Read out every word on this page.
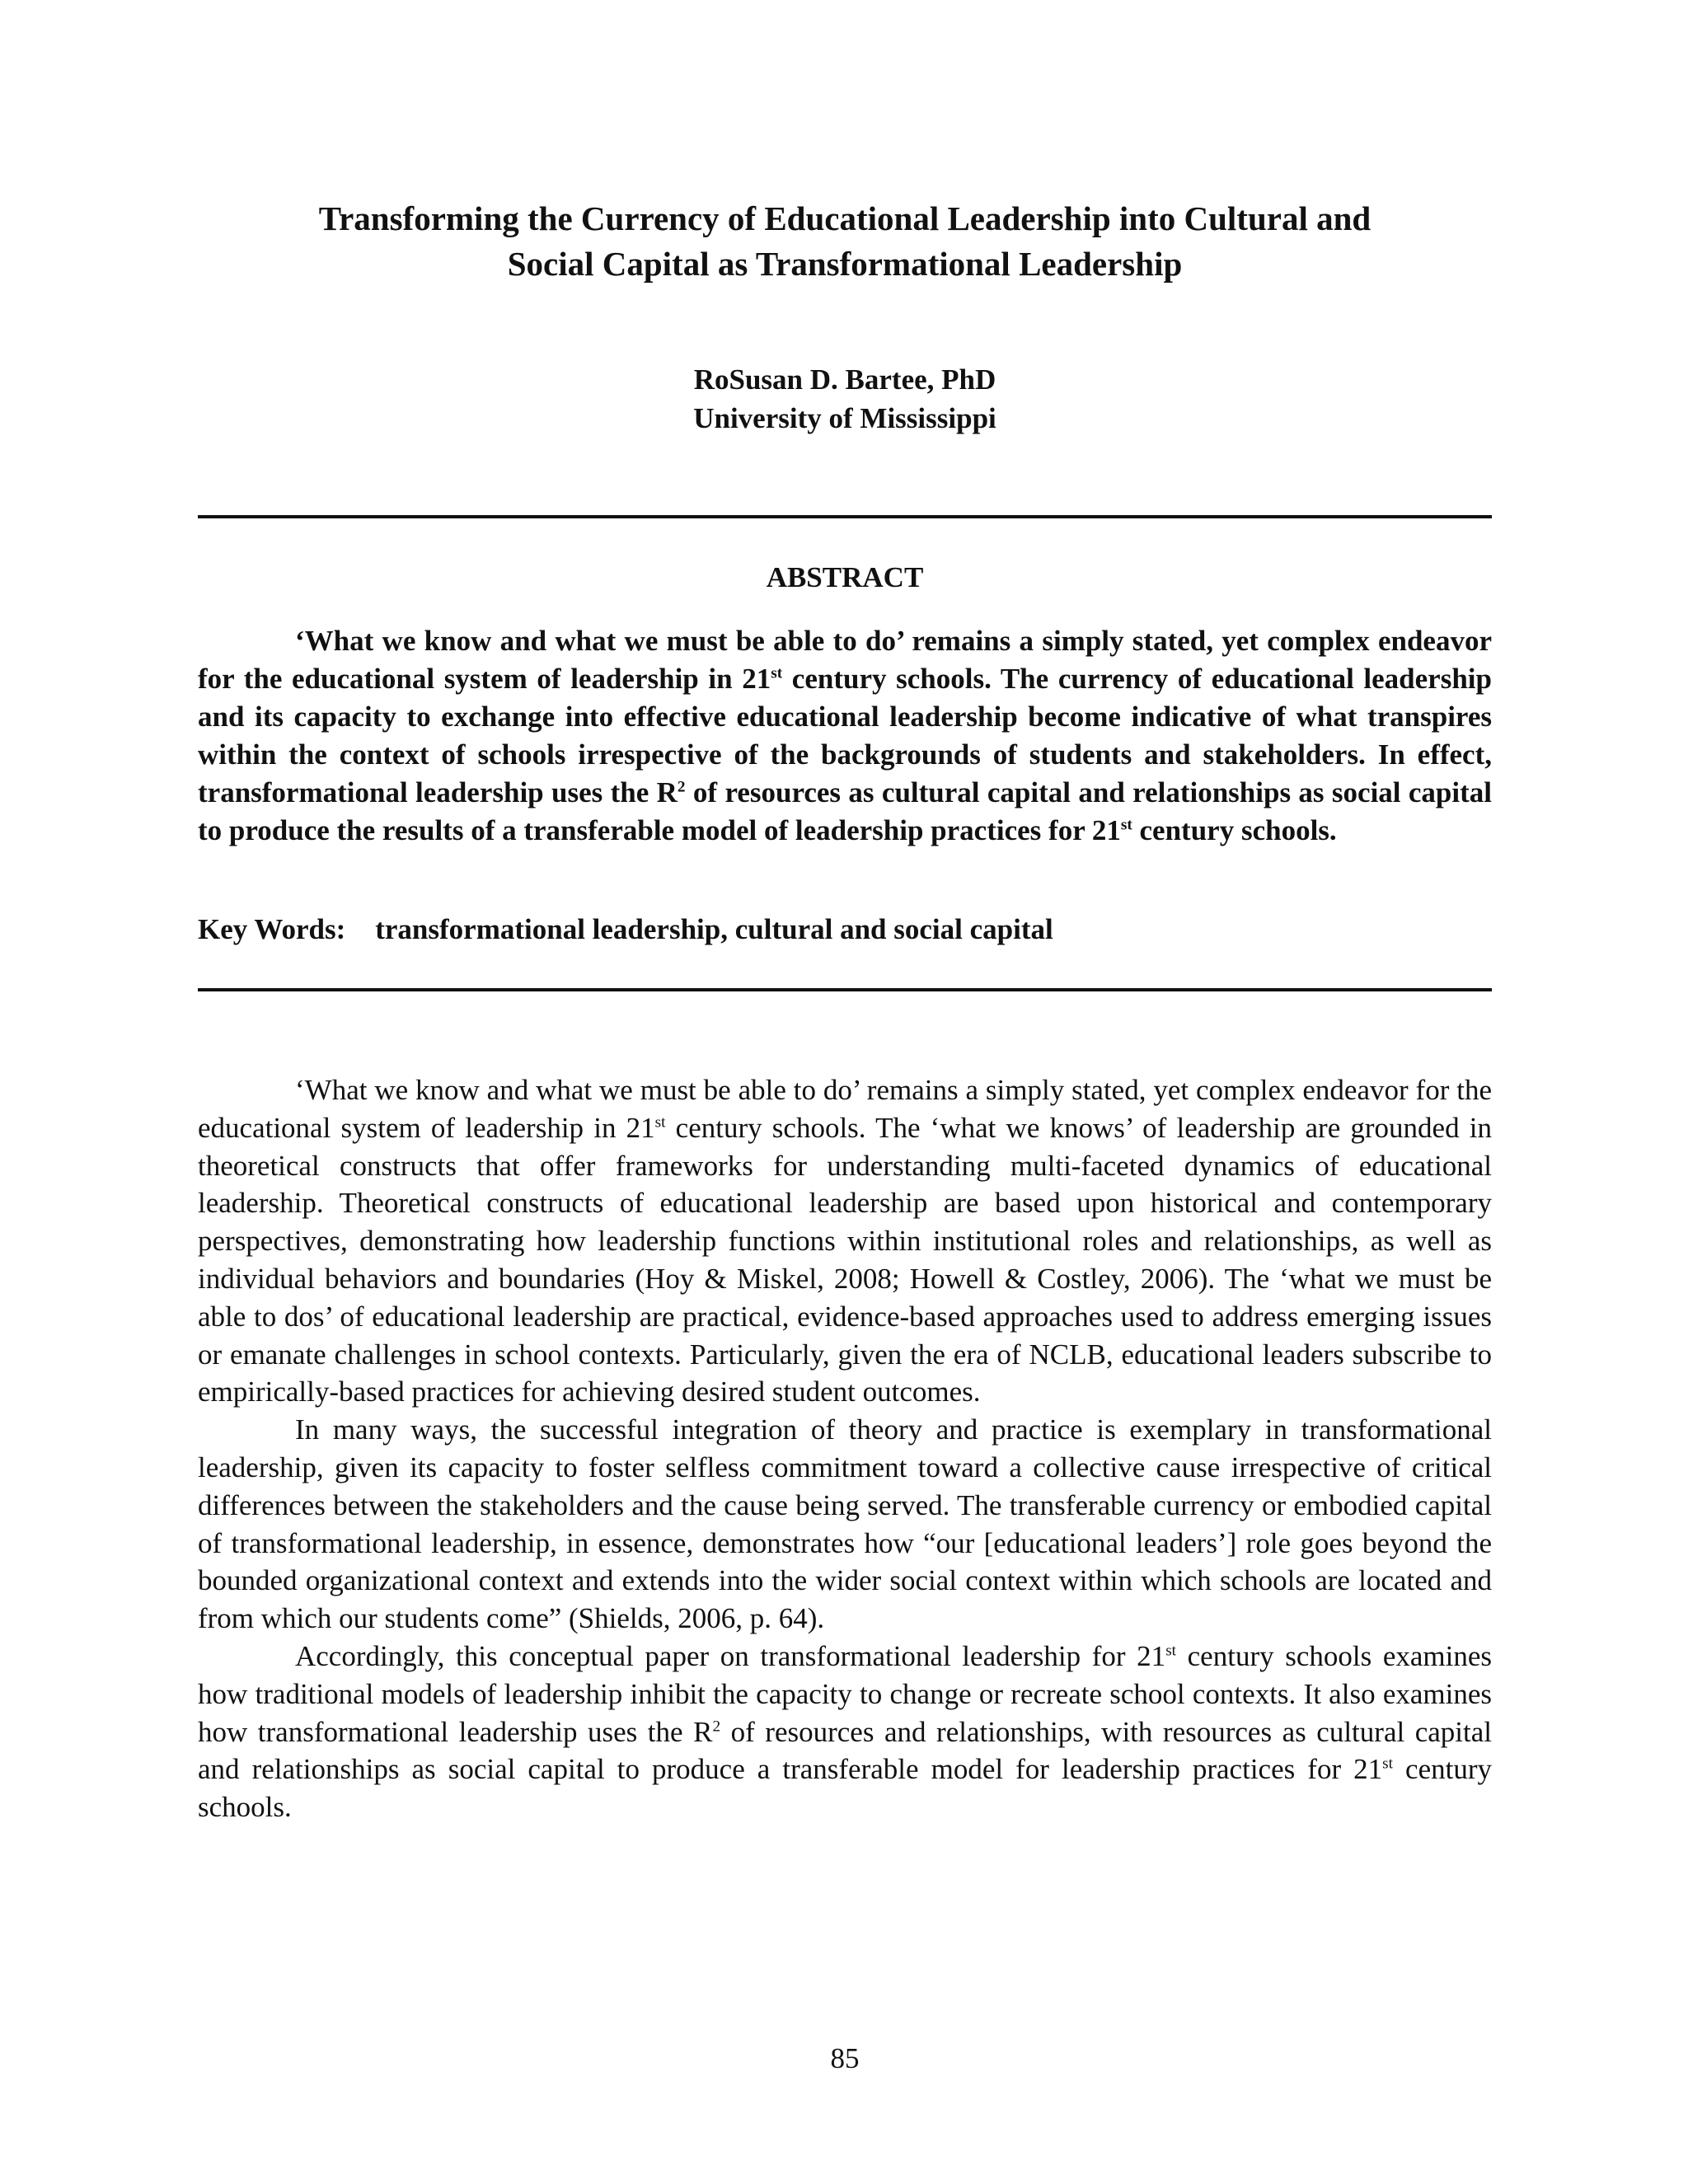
Transforming the Currency of Educational Leadership into Cultural and
Social Capital as Transformational Leadership
RoSusan D. Bartee, PhD
University of Mississippi
ABSTRACT

‘What we know and what we must be able to do’ remains a simply stated, yet complex endeavor for the educational system of leadership in 21st century schools. The currency of educational leadership and its capacity to exchange into effective educational leadership become indicative of what transpires within the context of schools irrespective of the backgrounds of students and stakeholders. In effect, transformational leadership uses the $R^2$ of resources as cultural capital and relationships as social capital to produce the results of a transferable model of leadership practices for 21st century schools.

Key Words: transformational leadership, cultural and social capital

‘What we know and what we must be able to do’ remains a simply stated, yet complex endeavor for the educational system of leadership in 21st century schools. The ‘what we knows’ of leadership are grounded in theoretical constructs that offer frameworks for understanding multi-faceted dynamics of educational leadership. Theoretical constructs of educational leadership are based upon historical and contemporary perspectives, demonstrating how leadership functions within institutional roles and relationships, as well as individual behaviors and boundaries (Hoy & Miskel, 2008; Howell & Costley, 2006). The ‘what we must be able to dos’ of educational leadership are practical, evidence-based approaches used to address emerging issues or emanate challenges in school contexts. Particularly, given the era of NCLB, educational leaders subscribe to empirically-based practices for achieving desired student outcomes.

In many ways, the successful integration of theory and practice is exemplary in transformational leadership, given its capacity to foster selfless commitment toward a collective cause irrespective of critical differences between the stakeholders and the cause being served. The transferable currency or embodied capital of transformational leadership, in essence, demonstrates how “our [educational leaders’] role goes beyond the bounded organizational context and extends into the wider social context within which schools are located and from which our students come” (Shields, 2006, p. 64).

Accordingly, this conceptual paper on transformational leadership for 21st century schools examines how traditional models of leadership inhibit the capacity to change or recreate school contexts. It also examines how transformational leadership uses the $R^2$ of resources and relationships, with resources as cultural capital and relationships as social capital to produce a transferable model for leadership practices for 21st century schools.

85
